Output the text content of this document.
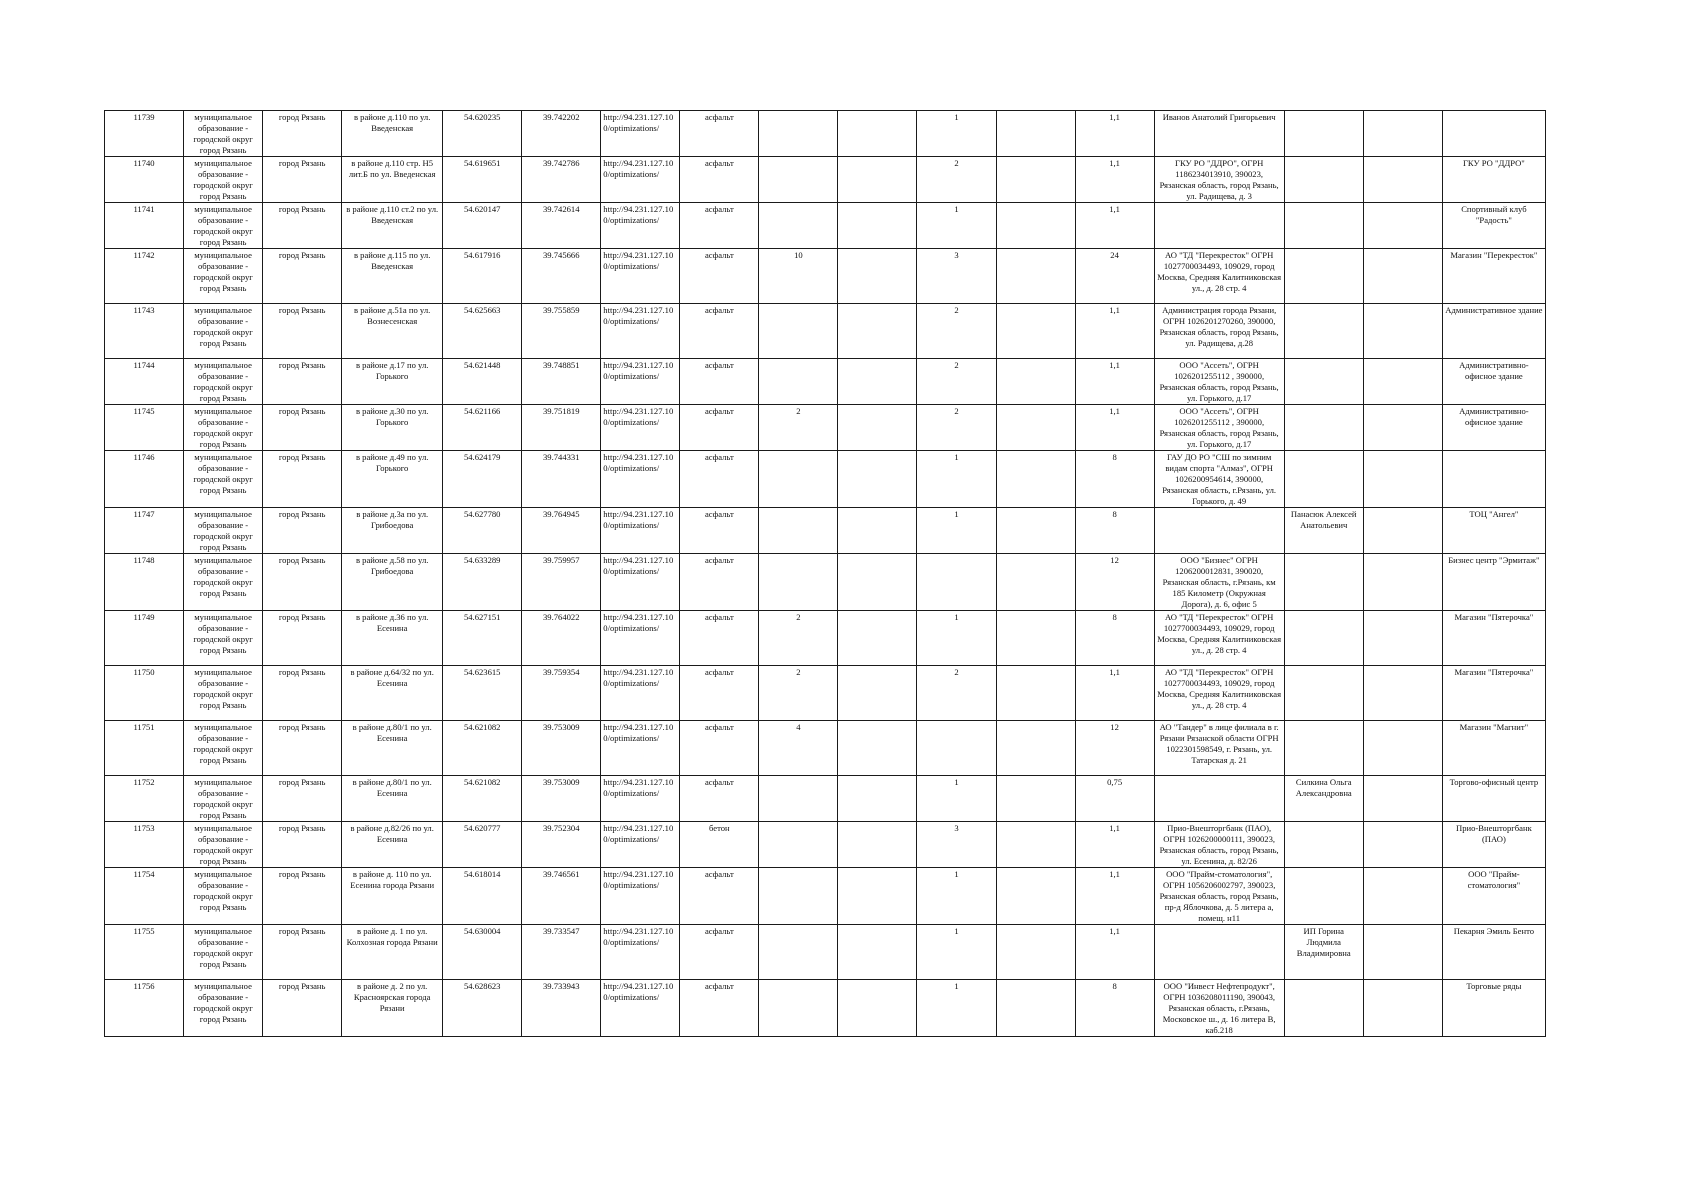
11739	муниципальное образование - городской округ город Рязань	город Рязань	в районе д.110 по ул. Введенская	54.620235	39.742202	http://94.231.127.10 0/optimizations/	асфальт			1		1,1	Иванов Анатолий Григорьевич			
11740	муниципальное образование - городской округ город Рязань	город Рязань	в районе д.110 стр. Н5 лит.Б по ул. Введенская	54.619651	39.742786	http://94.231.127.10 0/optimizations/	асфальт			2		1,1	ГКУ РО "ДДРО", ОГРН 1186234013910, 390023, Рязанская область, город Рязань, ул. Радищева, д. 3			ГКУ РО "ДДРО"
11741	муниципальное образование - городской округ город Рязань	город Рязань	в районе д.110 ст.2 по ул. Введенская	54.620147	39.742614	http://94.231.127.10 0/optimizations/	асфальт			1		1,1				Спортивный клуб "Радость"
11742	муниципальное образование - городской округ город Рязань	город Рязань	в районе д.115 по ул. Введенская	54.617916	39.745666	http://94.231.127.10 0/optimizations/	асфальт	10		3		24	АО "ТД "Перекресток" ОГРН 1027700034493, 109029, город Москва, Средняя Калитниковская ул., д. 28 стр. 4			Магазин "Перекресток"
11743	муниципальное образование - городской округ город Рязань	город Рязань	в районе д.51а по ул. Вознесенская	54.625663	39.755859	http://94.231.127.10 0/optimizations/	асфальт			2		1,1	Администрация города Рязани, ОГРН 1026201270260, 390000, Рязанская область, город Рязань, ул. Радищева, д.28			Административное здание
11744	муниципальное образование - городской округ город Рязань	город Рязань	в районе д.17 по ул. Горького	54.621448	39.748851	http://94.231.127.10 0/optimizations/	асфальт			2		1,1	ООО "Ассеть", ОГРН 1026201255112 , 390000, Рязанская область, город Рязань, ул. Горького, д.17			Административно-офисное здание
11745	муниципальное образование - городской округ город Рязань	город Рязань	в районе д.30 по ул. Горького	54.621166	39.751819	http://94.231.127.10 0/optimizations/	асфальт	2		2		1,1	ООО "Ассеть", ОГРН 1026201255112 , 390000, Рязанская область, город Рязань, ул. Горького, д.17			Административно-офисное здание
11746	муниципальное образование - городской округ город Рязань	город Рязань	в районе д.49 по ул. Горького	54.624179	39.744331	http://94.231.127.10 0/optimizations/	асфальт			1		8	ГАУ ДО РО "СШ по зимним видам спорта "Алмаз", ОГРН 1026200954614, 390000, Рязанская область, г.Рязань, ул. Горького, д. 49			
11747	муниципальное образование - городской округ город Рязань	город Рязань	в районе д.3а по ул. Грибоедова	54.627780	39.764945	http://94.231.127.10 0/optimizations/	асфальт			1		8		Панасюк Алексей Анатольевич		ТОЦ "Ангел"
11748	муниципальное образование - городской округ город Рязань	город Рязань	в районе д.58 по ул. Грибоедова	54.633289	39.759957	http://94.231.127.10 0/optimizations/	асфальт					12	ООО "Бизнес" ОГРН 1206200012831, 390020, Рязанская область, г.Рязань, км 185 Километр (Окружная Дорога), д. 6, офис 5			Бизнес центр "Эрмитаж"
11749	муниципальное образование - городской округ город Рязань	город Рязань	в районе д.36 по ул. Есенина	54.627151	39.764022	http://94.231.127.10 0/optimizations/	асфальт	2		1		8	АО "ТД "Перекресток" ОГРН 1027700034493, 109029, город Москва, Средняя Калитниковская ул., д. 28 стр. 4			Магазин "Пятерочка"
11750	муниципальное образование - городской округ город Рязань	город Рязань	в районе д.64/32 по ул. Есенина	54.623615	39.759354	http://94.231.127.10 0/optimizations/	асфальт	2		2		1,1	АО "ТД "Перекресток" ОГРН 1027700034493, 109029, город Москва, Средняя Калитниковская ул., д. 28 стр. 4			Магазин "Пятерочка"
11751	муниципальное образование - городской округ город Рязань	город Рязань	в районе д.80/1 по ул. Есенина	54.621082	39.753009	http://94.231.127.10 0/optimizations/	асфальт	4				12	АО "Тандер" в лице филиала в г. Рязани Рязанской области ОГРН 1022301598549, г. Рязань, ул. Татарская д. 21			Магазин "Магнит"
11752	муниципальное образование - городской округ город Рязань	город Рязань	в районе д.80/1 по ул. Есенина	54.621082	39.753009	http://94.231.127.10 0/optimizations/	асфальт			1		0,75		Силкина Ольга Александровна		Торгово-офисный центр
11753	муниципальное образование - городской округ город Рязань	город Рязань	в районе д.82/26 по ул. Есенина	54.620777	39.752304	http://94.231.127.10 0/optimizations/	бетон			3		1,1	Прио-Внешторгбанк (ПАО), ОГРН 1026200000111, 390023, Рязанская область, город Рязань, ул. Есенина, д. 82/26			Прио-Внешторгбанк (ПАО)
11754	муниципальное образование - городской округ город Рязань	город Рязань	в районе д. 110 по ул. Есенина города Рязани	54.618014	39.746561	http://94.231.127.10 0/optimizations/	асфальт			1		1,1	ООО "Прайм-стоматология", ОГРН 1056206002797, 390023, Рязанская область, город Рязань, пр-д Яблочкова, д. 5 литера а, помещ. н11			ООО "Прайм-стоматология"
11755	муниципальное образование - городской округ город Рязань	город Рязань	в районе д. 1 по ул. Колхозная города Рязани	54.630004	39.733547	http://94.231.127.10 0/optimizations/	асфальт			1		1,1		ИП Горина Людмила Владимировна		Пекарня Эмиль Бенто
11756	муниципальное образование - городской округ город Рязань	город Рязань	в районе д. 2 по ул. Красноярская города Рязани	54.628623	39.733943	http://94.231.127.10 0/optimizations/	асфальт			1		8	ООО "Инвест Нефтепродукт", ОГРН 1036208011190, 390043, Рязанская область, г.Рязань, Московское ш., д. 16 литера В, каб.218			Торговые ряды
